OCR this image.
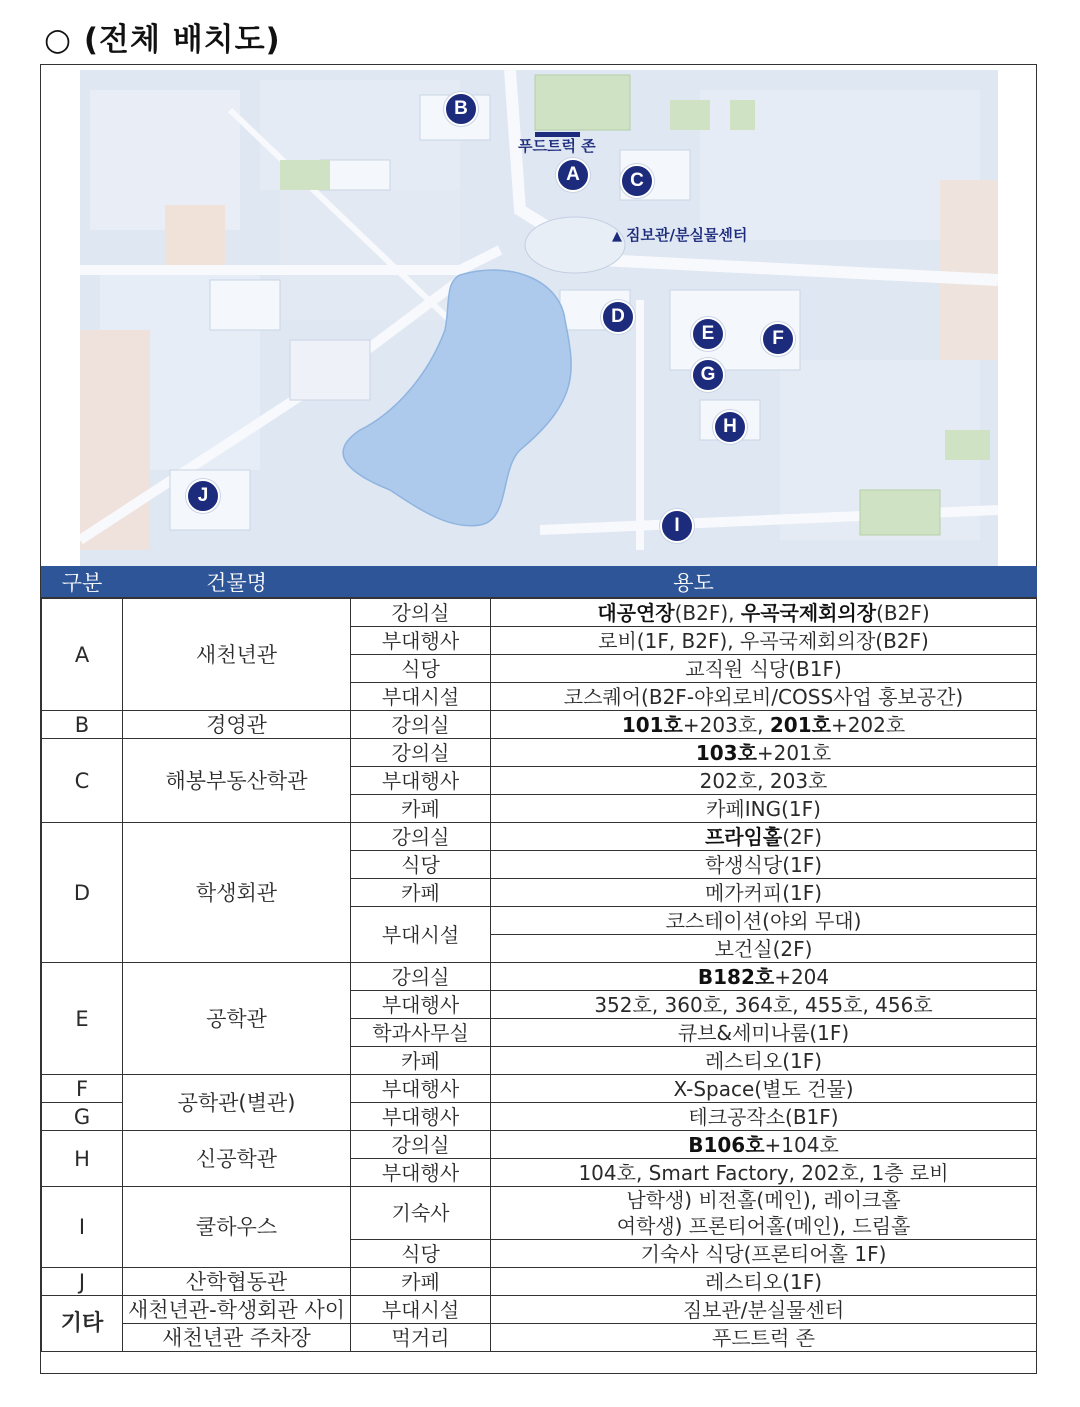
○ (전체 배치도)
B
A	C
D
E	F
G
H
I
J
푸드트럭 존
▲ 짐보관/분실물센터
구분	건물명	용도	
A	새천년관	강의실	대공연장(B2F), 우곡국제회의장(B2F)
		부대행사	로비(1F, B2F), 우곡국제회의장(B2F)
		식당	교직원 식당(B1F)
		부대시설	코스퀘어(B2F-야외로비/COSS사업 홍보공간)
B	경영관	강의실	101호+203호, 201호+202호
C	해봉부동산학관	강의실	103호+201호
		부대행사	202호, 203호
		카페	카페ING(1F)
D	학생회관	강의실	프라임홀(2F)
		식당	학생식당(1F)
		카페	메가커피(1F)
		부대시설	코스테이션(야외 무대)
			보건실(2F)
E	공학관	강의실	B182호+204
		부대행사	352호, 360호, 364호, 455호, 456호
		학과사무실	큐브&세미나룸(1F)
		카페	레스티오(1F)
F	공학관(별관)	부대행사	X-Space(별도 건물)
G		부대행사	테크공작소(B1F)
H	신공학관	강의실	B106호+104호
		부대행사	104호, Smart Factory, 202호, 1층 로비
I	쿨하우스	기숙사	남학생) 비전홀(메인), 레이크홀
여학생) 프론티어홀(메인), 드림홀

		식당	기숙사 식당(프론티어홀 1F)
J	산학협동관	카페	레스티오(1F)
기타	새천년관-학생회관 사이	부대시설	짐보관/분실물센터
	새천년관 주차장	먹거리	푸드트럭 존
